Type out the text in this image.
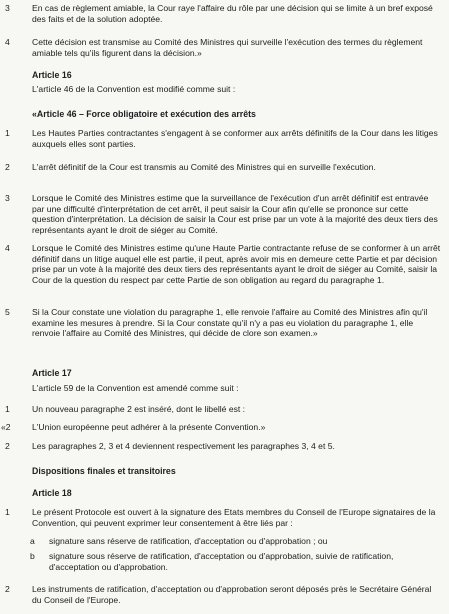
3	En cas de règlement amiable, la Cour raye l'affaire du rôle par une décision qui se limite à un bref exposé des faits et de la solution adoptée.
4	Cette décision est transmise au Comité des Ministres qui surveille l'exécution des termes du règlement amiable tels qu'ils figurent dans la décision.»
Article 16
L'article 46 de la Convention est modifié comme suit :
«Article 46 – Force obligatoire et exécution des arrêts
1	Les Hautes Parties contractantes s'engagent à se conformer aux arrêts définitifs de la Cour dans les litiges auxquels elles sont parties.
2	L'arrêt définitif de la Cour est transmis au Comité des Ministres qui en surveille l'exécution.
3	Lorsque le Comité des Ministres estime que la surveillance de l'exécution d'un arrêt définitif est entravée par une difficulté d'interprétation de cet arrêt, il peut saisir la Cour afin qu'elle se prononce sur cette question d'interprétation. La décision de saisir la Cour est prise par un vote à la majorité des deux tiers des représentants ayant le droit de siéger au Comité.
4	Lorsque le Comité des Ministres estime qu'une Haute Partie contractante refuse de se conformer à un arrêt définitif dans un litige auquel elle est partie, il peut, après avoir mis en demeure cette Partie et par décision prise par un vote à la majorité des deux tiers des représentants ayant le droit de siéger au Comité, saisir la Cour de la question du respect par cette Partie de son obligation au regard du paragraphe 1.
5	Si la Cour constate une violation du paragraphe 1, elle renvoie l'affaire au Comité des Ministres afin qu'il examine les mesures à prendre. Si la Cour constate qu'il n'y a pas eu violation du paragraphe 1, elle renvoie l'affaire au Comité des Ministres, qui décide de clore son examen.»
Article 17
L'article 59 de la Convention est amendé comme suit :
1	Un nouveau paragraphe 2 est inséré, dont le libellé est :
«2	L'Union européenne peut adhérer à la présente Convention.»
2	Les paragraphes 2, 3 et 4 deviennent respectivement les paragraphes 3, 4 et 5.
Dispositions finales et transitoires
Article 18
1	Le présent Protocole est ouvert à la signature des Etats membres du Conseil de l'Europe signataires de la Convention, qui peuvent exprimer leur consentement à être liés par :
a	signature sans réserve de ratification, d'acceptation ou d'approbation ; ou
b	signature sous réserve de ratification, d'acceptation ou d'approbation, suivie de ratification, d'acceptation ou d'approbation.
2	Les instruments de ratification, d'acceptation ou d'approbation seront déposés près le Secrétaire Général du Conseil de l'Europe.
